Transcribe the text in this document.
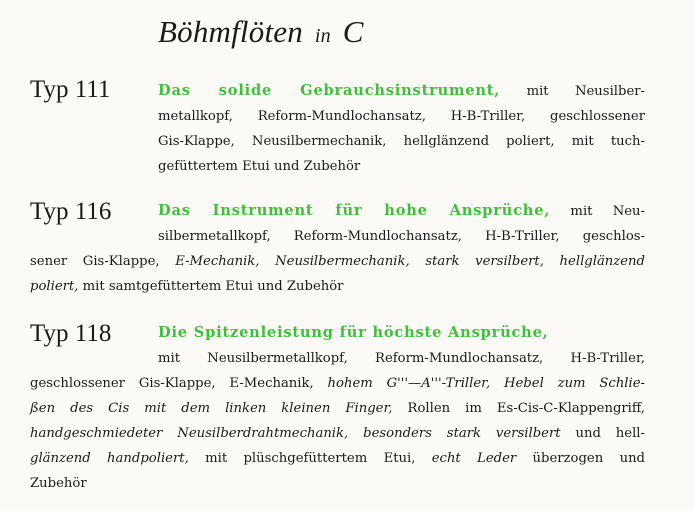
Böhmflöten in C
Typ 111	Das solide Gebrauchsinstrument, mit Neusilber-
metallkopf, Reform-Mundlochansatz, H-B-Triller, geschlossener
Gis-Klappe, Neusilbermechanik, hellglänzend poliert, mit tuch-
gefüttertem Etui und Zubehör
Typ 116	Das Instrument für hohe Ansprüche, mit Neu-
silbermetallkopf, Reform-Mundlochansatz, H-B-Triller, geschlos-
sener Gis-Klappe, E-Mechanik, Neusilbermechanik, stark versilbert, hellglänzend
poliert, mit samtgefüttertem Etui und Zubehör
Typ 118	Die Spitzenleistung für höchste Ansprüche,
mit Neusilbermetallkopf, Reform-Mundlochansatz, H-B-Triller,
geschlossener Gis-Klappe, E-Mechanik, hohem G'''—A'''-Triller, Hebel zum Schlie-
ßen des Cis mit dem linken kleinen Finger, Rollen im Es-Cis-C-Klappengriff,
handgeschmiedeter Neusilberdrahtmechanik, besonders stark versilbert und hell-
glänzend handpoliert, mit plüschgefüttertem Etui, echt Leder überzogen und
Zubehör
